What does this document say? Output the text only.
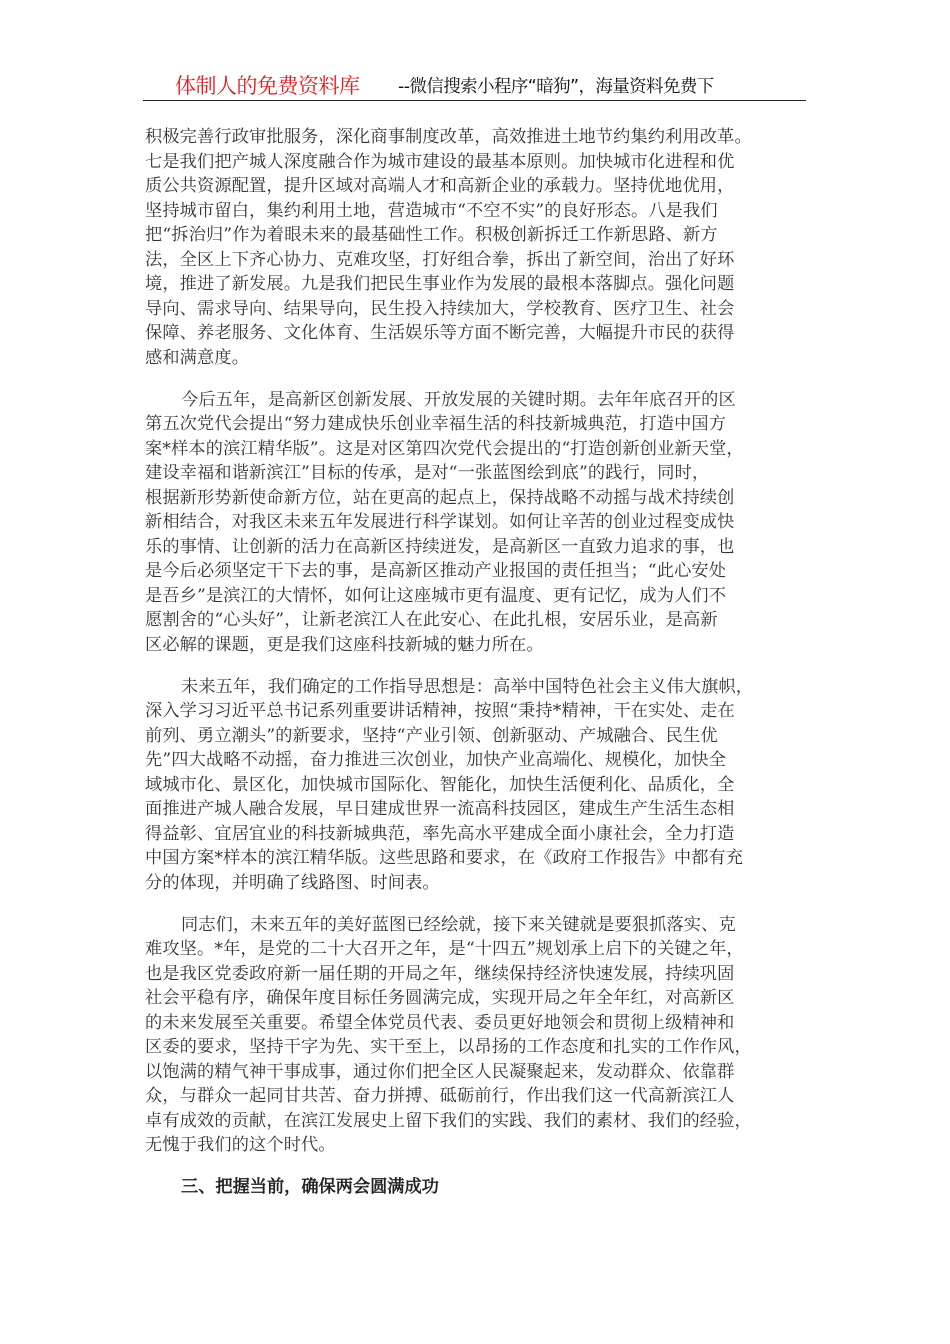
体制人的免费资料库 --微信搜索小程序“暗狗”，海量资料免费下
积极完善行政审批服务，深化商事制度改革，高效推进土地节约集约利用改革。
七是我们把产城人深度融合作为城市建设的最基本原则。加快城市化进程和优
质公共资源配置，提升区域对高端人才和高新企业的承载力。坚持优地优用，
坚持城市留白，集约利用土地，营造城市“不空不实”的良好形态。八是我们
把“拆治归”作为着眼未来的最基础性工作。积极创新拆迁工作新思路、新方
法，全区上下齐心协力、克难攻坚，打好组合拳，拆出了新空间，治出了好环
境，推进了新发展。九是我们把民生事业作为发展的最根本落脚点。强化问题
导向、需求导向、结果导向，民生投入持续加大，学校教育、医疗卫生、社会
保障、养老服务、文化体育、生活娱乐等方面不断完善，大幅提升市民的获得
感和满意度。
今后五年，是高新区创新发展、开放发展的关键时期。去年年底召开的区
第五次党代会提出“努力建成快乐创业幸福生活的科技新城典范，打造中国方
案*样本的滨江精华版”。这是对区第四次党代会提出的“打造创新创业新天堂，
建设幸福和谐新滨江”目标的传承，是对“一张蓝图绘到底”的践行，同时，
根据新形势新使命新方位，站在更高的起点上，保持战略不动摇与战术持续创
新相结合，对我区未来五年发展进行科学谋划。如何让辛苦的创业过程变成快
乐的事情、让创新的活力在高新区持续迸发，是高新区一直致力追求的事，也
是今后必须坚定干下去的事，是高新区推动产业报国的责任担当；“此心安处
是吾乡”是滨江的大情怀，如何让这座城市更有温度、更有记忆，成为人们不
愿割舍的“心头好”，让新老滨江人在此安心、在此扎根，安居乐业，是高新
区必解的课题，更是我们这座科技新城的魅力所在。
未来五年，我们确定的工作指导思想是：高举中国特色社会主义伟大旗帜，
深入学习习近平总书记系列重要讲话精神，按照“秉持*精神，干在实处、走在
前列、勇立潮头”的新要求，坚持“产业引领、创新驱动、产城融合、民生优
先”四大战略不动摇，奋力推进三次创业，加快产业高端化、规模化，加快全
域城市化、景区化，加快城市国际化、智能化，加快生活便利化、品质化，全
面推进产城人融合发展，早日建成世界一流高科技园区，建成生产生活生态相
得益彰、宜居宜业的科技新城典范，率先高水平建成全面小康社会，全力打造
中国方案*样本的滨江精华版。这些思路和要求，在《政府工作报告》中都有充
分的体现，并明确了线路图、时间表。
同志们，未来五年的美好蓝图已经绘就，接下来关键就是要狠抓落实、克
难攻坚。*年，是党的二十大召开之年，是“十四五”规划承上启下的关键之年，
也是我区党委政府新一届任期的开局之年，继续保持经济快速发展，持续巩固
社会平稳有序，确保年度目标任务圆满完成，实现开局之年全年红，对高新区
的未来发展至关重要。希望全体党员代表、委员更好地领会和贯彻上级精神和
区委的要求，坚持干字为先、实干至上，以昂扬的工作态度和扎实的工作作风，
以饱满的精气神干事成事，通过你们把全区人民凝聚起来，发动群众、依靠群
众，与群众一起同甘共苦、奋力拼搏、砥砺前行，作出我们这一代高新滨江人
卓有成效的贡献，在滨江发展史上留下我们的实践、我们的素材、我们的经验，
无愧于我们的这个时代。
三、把握当前，确保两会圆满成功
